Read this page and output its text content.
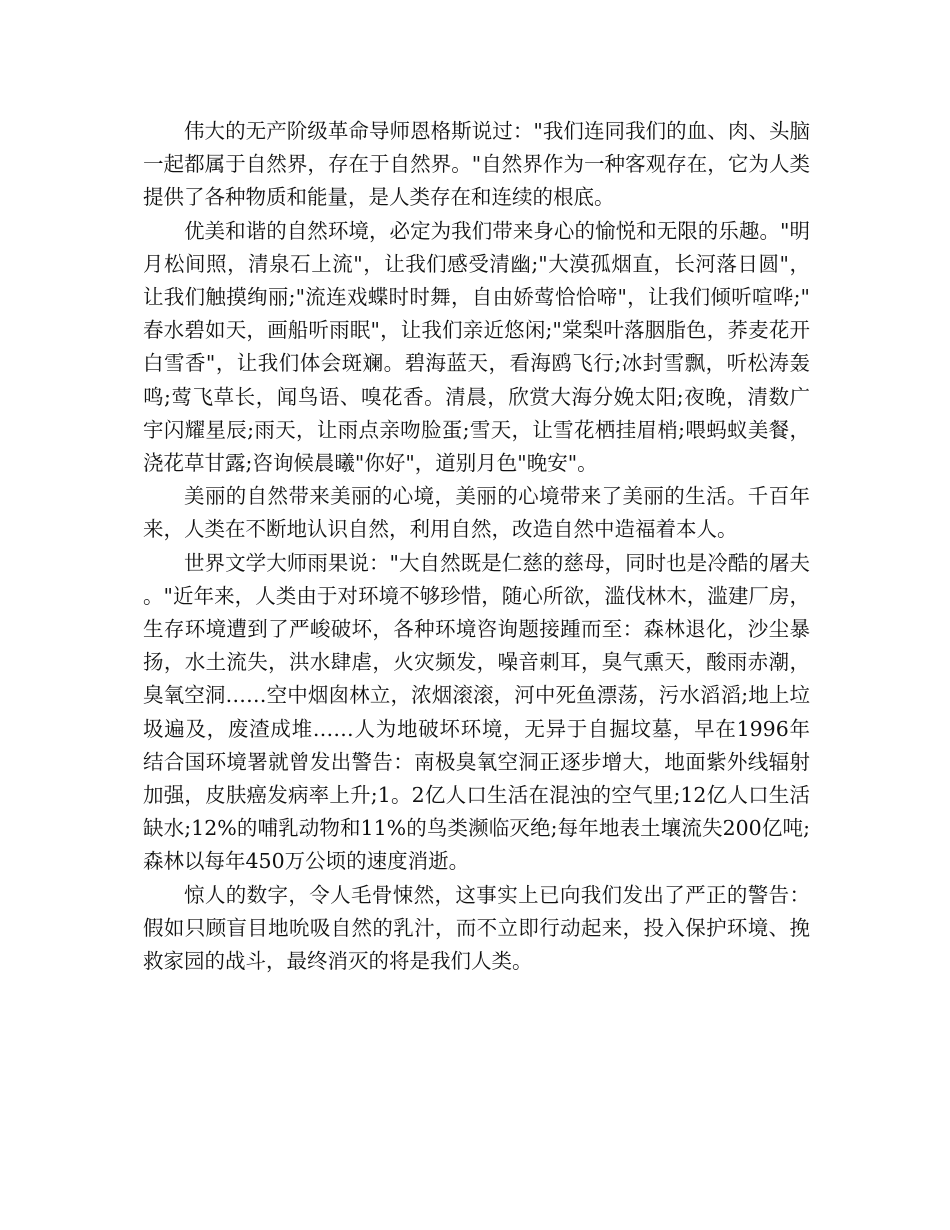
伟大的无产阶级革命导师恩格斯说过："我们连同我们的血、肉、头脑一起都属于自然界，存在于自然界。"自然界作为一种客观存在，它为人类提供了各种物质和能量，是人类存在和连续的根底。

优美和谐的自然环境，必定为我们带来身心的愉悦和无限的乐趣。"明月松间照，清泉石上流"，让我们感受清幽;"大漠孤烟直，长河落日圆"，让我们触摸绚丽;"流连戏蝶时时舞，自由娇莺恰恰啼"，让我们倾听喧哗;"春水碧如天，画船听雨眠"，让我们亲近悠闲;"棠梨叶落胭脂色，荞麦花开白雪香"，让我们体会斑斓。碧海蓝天，看海鸥飞行;冰封雪飘，听松涛轰鸣;莺飞草长，闻鸟语、嗅花香。清晨，欣赏大海分娩太阳;夜晚，清数广宇闪耀星辰;雨天，让雨点亲吻脸蛋;雪天，让雪花栖挂眉梢;喂蚂蚁美餐，浇花草甘露;咨询候晨曦"你好"，道别月色"晚安"。

美丽的自然带来美丽的心境，美丽的心境带来了美丽的生活。千百年来，人类在不断地认识自然，利用自然，改造自然中造福着本人。

世界文学大师雨果说："大自然既是仁慈的慈母，同时也是冷酷的屠夫。"近年来，人类由于对环境不够珍惜，随心所欲，滥伐林木，滥建厂房，生存环境遭到了严峻破坏，各种环境咨询题接踵而至：森林退化，沙尘暴扬，水土流失，洪水肆虐，火灾频发，噪音刺耳，臭气熏天，酸雨赤潮，臭氧空洞……空中烟囱林立，浓烟滚滚，河中死鱼漂荡，污水滔滔;地上垃圾遍及，废渣成堆……人为地破坏环境，无异于自掘坟墓，早在1996年结合国环境署就曾发出警告：南极臭氧空洞正逐步增大，地面紫外线辐射加强，皮肤癌发病率上升;1。2亿人口生活在混浊的空气里;12亿人口生活缺水;12%的哺乳动物和11%的鸟类濒临灭绝;每年地表土壤流失200亿吨;森林以每年450万公顷的速度消逝。

惊人的数字，令人毛骨悚然，这事实上已向我们发出了严正的警告：假如只顾盲目地吮吸自然的乳汁，而不立即行动起来，投入保护环境、挽救家园的战斗，最终消灭的将是我们人类。
